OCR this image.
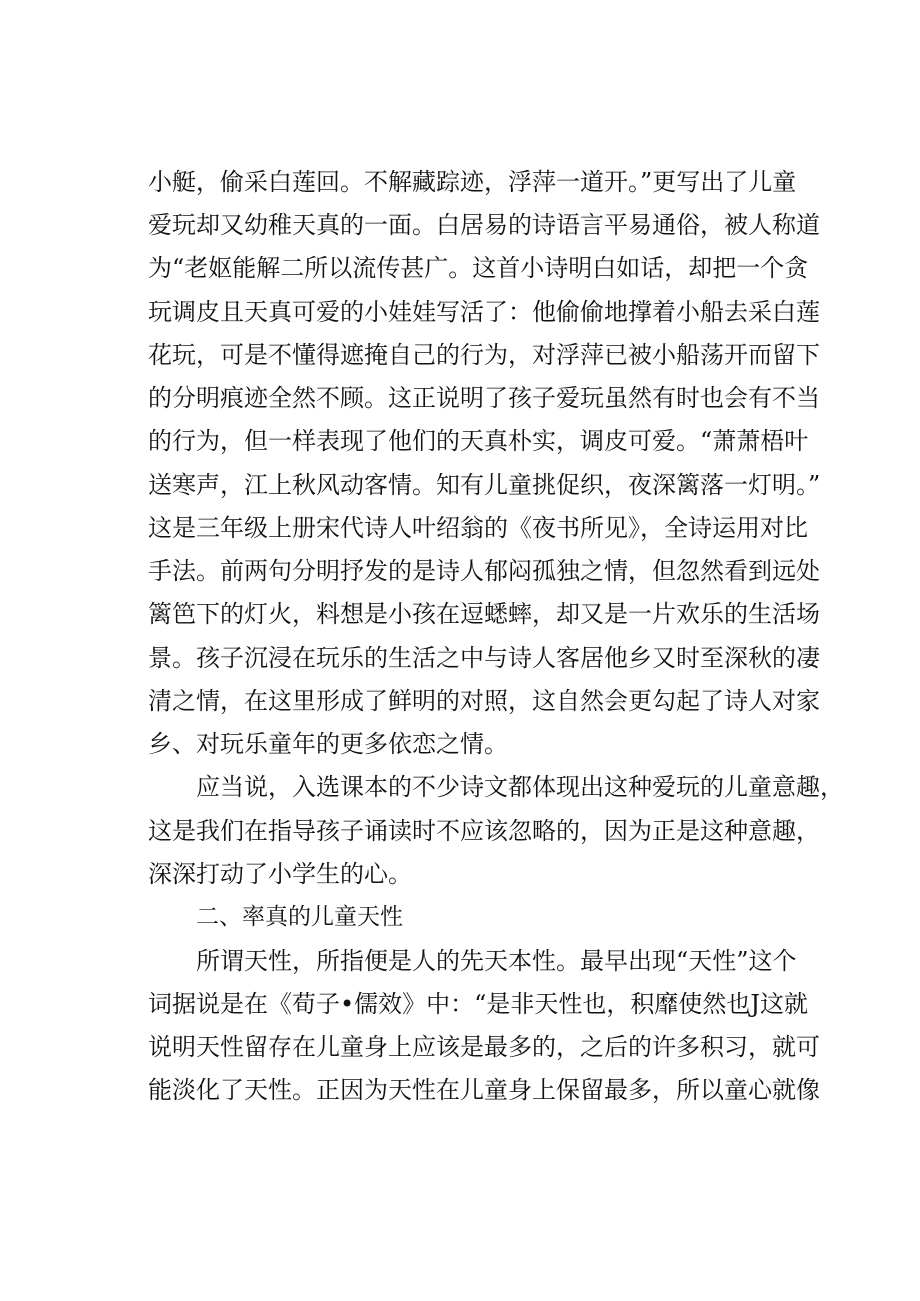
小艇，偷采白莲回。不解藏踪迹，浮萍一道开。”更写出了儿童
爱玩却又幼稚天真的一面。白居易的诗语言平易通俗，被人称道
为“老妪能解二所以流传甚广。这首小诗明白如话，却把一个贪
玩调皮且天真可爱的小娃娃写活了：他偷偷地撑着小船去采白莲
花玩，可是不懂得遮掩自己的行为，对浮萍已被小船荡开而留下
的分明痕迹全然不顾。这正说明了孩子爱玩虽然有时也会有不当
的行为，但一样表现了他们的天真朴实，调皮可爱。“萧萧梧叶
送寒声，江上秋风动客情。知有儿童挑促织，夜深篱落一灯明。”
这是三年级上册宋代诗人叶绍翁的《夜书所见》，全诗运用对比
手法。前两句分明抒发的是诗人郁闷孤独之情，但忽然看到远处
篱笆下的灯火，料想是小孩在逗蟋蟀，却又是一片欢乐的生活场
景。孩子沉浸在玩乐的生活之中与诗人客居他乡又时至深秋的凄
清之情，在这里形成了鲜明的对照，这自然会更勾起了诗人对家
乡、对玩乐童年的更多依恋之情。
应当说，入选课本的不少诗文都体现出这种爱玩的儿童意趣，
这是我们在指导孩子诵读时不应该忽略的，因为正是这种意趣，
深深打动了小学生的心。
二、率真的儿童天性
所谓天性，所指便是人的先天本性。最早出现“天性”这个
词据说是在《荀子•儒效》中：“是非天性也，积靡使然也J这就
说明天性留存在儿童身上应该是最多的，之后的许多积习，就可
能淡化了天性。正因为天性在儿童身上保留最多，所以童心就像
